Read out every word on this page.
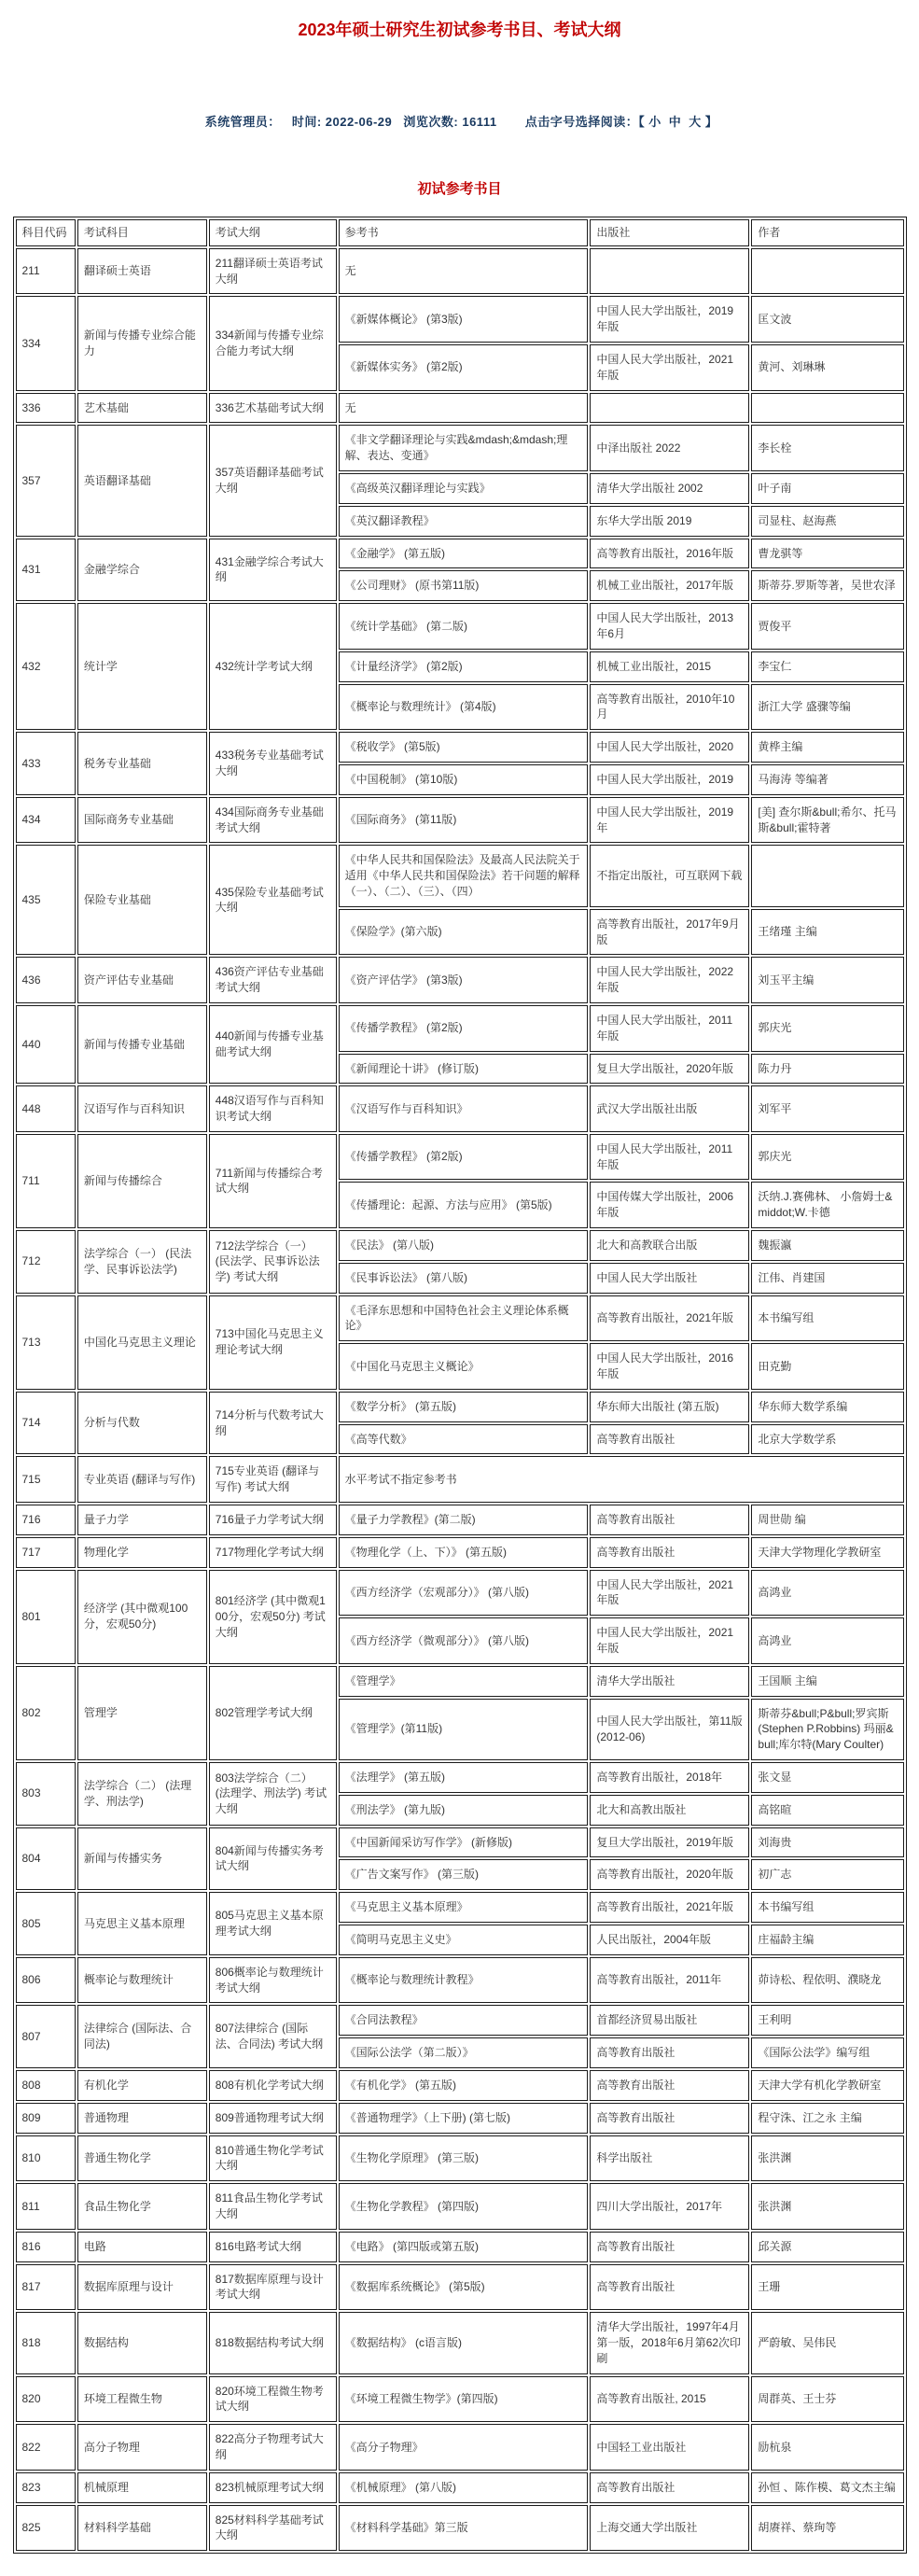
2023年硕士研究生初试参考书目、考试大纲
系统管理员： 时间: 2022-06-29 浏览次数: 16111 点击字号选择阅读：【 小 中 大 】
初试参考书目
科目代码	考试科目	考试大纲	参考书	出版社	作者
211	翻译硕士英语	211翻译硕士英语考试大纲	无		
334	新闻与传播专业综合能力	334新闻与传播专业综合能力考试大纲	《新媒体概论》 (第3版)	中国人民大学出版社，2019年版	匡文波
			《新媒体实务》 (第2版)	中国人民大学出版社，2021年版	黄河、刘琳琳
336	艺术基础	336艺术基础考试大纲	无		
357	英语翻译基础	357英语翻译基础考试大纲	《非文学翻译理论与实践&mdash;&mdash;理解、表达、变通》	中泽出版社 2022	李长栓
			《高级英汉翻译理论与实践》	清华大学出版社 2002	叶子南
			《英汉翻译教程》	东华大学出版 2019	司显柱、赵海燕
431	金融学综合	431金融学综合考试大纲	《金融学》 (第五版)	高等教育出版社，2016年版	曹龙骐等
			《公司理财》 (原书第11版)	机械工业出版社，2017年版	斯蒂芬.罗斯等著，吴世农泽
432	统计学	432统计学考试大纲	《统计学基础》 (第二版)	中国人民大学出版社，2013年6月	贾俊平
			《计量经济学》 (第2版)	机械工业出版社，2015	李宝仁
			《概率论与数理统计》 (第4版)	高等教育出版社，2010年10月	浙江大学 盛骤等编
433	税务专业基础	433税务专业基础考试大纲	《税收学》 (第5版)	中国人民大学出版社，2020	黄桦主编
			《中国税制》 (第10版)	中国人民大学出版社，2019	马海涛 等编著
434	国际商务专业基础	434国际商务专业基础考试大纲	《国际商务》 (第11版)	中国人民大学出版社，2019年	[美] 查尔斯&bull;希尔、托马斯&bull;霍特著
435	保险专业基础	435保险专业基础考试大纲	《中华人民共和国保险法》及最高人民法院关于适用《中华人民共和国保险法》若干问题的解释（一）、（二）、（三）、（四）	不指定出版社，可互联网下载	
			《保险学》(第六版)	高等教育出版社，2017年9月版	王绪瑾 主编
436	资产评估专业基础	436资产评估专业基础考试大纲	《资产评估学》 (第3版)	中国人民大学出版社，2022年版	刘玉平主编
440	新闻与传播专业基础	440新闻与传播专业基础考试大纲	《传播学教程》 (第2版)	中国人民大学出版社，2011年版	郭庆光
			《新闻理论十讲》 (修订版)	复旦大学出版社，2020年版	陈力丹
448	汉语写作与百科知识	448汉语写作与百科知识考试大纲	《汉语写作与百科知识》	武汉大学出版社出版	刘军平
711	新闻与传播综合	711新闻与传播综合考试大纲	《传播学教程》 (第2版)	中国人民大学出版社，2011年版	郭庆光
			《传播理论：起源、方法与应用》 (第5版)	中国传媒大学出版社，2006年版	沃纳.J.赛佛林、 小詹姆士&middot;W.卡德
712	法学综合（一） (民法学、民事诉讼法学)	712法学综合（一） (民法学、民事诉讼法学) 考试大纲	《民法》 (第八版)	北大和高教联合出版	魏振瀛
			《民事诉讼法》 (第八版)	中国人民大学出版社	江伟、肖建国
713	中国化马克思主义理论	713中国化马克思主义理论考试大纲	《毛泽东思想和中国特色社会主义理论体系概论》	高等教育出版社，2021年版	本书编写组
			《中国化马克思主义概论》	中国人民大学出版社，2016年版	田克勤
714	分析与代数	714分析与代数考试大纲	《数学分析》 (第五版)	华东师大出版社 (第五版)	华东师大数学系编
			《高等代数》	高等教育出版社	北京大学数学系
715	专业英语 (翻译与写作)	715专业英语 (翻译与写作) 考试大纲	水平考试不指定参考书		
716	量子力学	716量子力学考试大纲	《量子力学教程》(第二版)	高等教育出版社	周世勋 编
717	物理化学	717物理化学考试大纲	《物理化学（上、下）》 (第五版)	高等教育出版社	天津大学物理化学教研室
801	经济学 (其中微观100分，宏观50分)	801经济学 (其中微观100分，宏观50分) 考试大纲	《西方经济学（宏观部分）》 (第八版)	中国人民大学出版社，2021年版	高鸿业
			《西方经济学（微观部分）》 (第八版)	中国人民大学出版社，2021年版	高鸿业
802	管理学	802管理学考试大纲	《管理学》	清华大学出版社	王国顺 主编
			《管理学》(第11版)	中国人民大学出版社，第11版(2012-06)	斯蒂芬&bull;P&bull;罗宾斯(Stephen P.Robbins) 玛丽&bull;库尔特(Mary Coulter)
803	法学综合（二） (法理学、刑法学)	803法学综合（二） (法理学、刑法学) 考试大纲	《法理学》 (第五版)	高等教育出版社，2018年	张文显
			《刑法学》 (第九版)	北大和高教出版社	高铭暄
804	新闻与传播实务	804新闻与传播实务考试大纲	《中国新闻采访写作学》 (新修版)	复旦大学出版社，2019年版	刘海贵
			《广告文案写作》 (第三版)	高等教育出版社，2020年版	初广志
805	马克思主义基本原理	805马克思主义基本原理考试大纲	《马克思主义基本原理》	高等教育出版社，2021年版	本书编写组
			《简明马克思主义史》	人民出版社，2004年版	庄福龄主编
806	概率论与数理统计	806概率论与数理统计考试大纲	《概率论与数理统计教程》	高等教育出版社，2011年	茆诗松、程依明、濮晓龙
807	法律综合 (国际法、合同法)	807法律综合 (国际法、合同法) 考试大纲	《合同法教程》	首都经济贸易出版社	王利明
			《国际公法学（第二版）》	高等教育出版社	《国际公法学》编写组
808	有机化学	808有机化学考试大纲	《有机化学》 (第五版)	高等教育出版社	天津大学有机化学教研室
809	普通物理	809普通物理考试大纲	《普通物理学》（上下册) (第七版)	高等教育出版社	程守洙、江之永 主编
810	普通生物化学	810普通生物化学考试大纲	《生物化学原理》 (第三版)	科学出版社	张洪渊
811	食品生物化学	811食品生物化学考试大纲	《生物化学教程》 (第四版)	四川大学出版社，2017年	张洪渊
816	电路	816电路考试大纲	《电路》 (第四版或第五版)	高等教育出版社	邱关源
817	数据库原理与设计	817数据库原理与设计考试大纲	《数据库系统概论》 (第5版)	高等教育出版社	王珊
818	数据结构	818数据结构考试大纲	《数据结构》 (c语言版)	清华大学出版社，1997年4月第一版，2018年6月第62次印刷	严蔚敏、吴伟民
820	环境工程微生物	820环境工程微生物考试大纲	《环境工程微生物学》(第四版)	高等教育出版社, 2015	周群英、王士芬
822	高分子物理	822高分子物理考试大纲	《高分子物理》	中国轻工业出版社	励杭泉
823	机械原理	823机械原理考试大纲	《机械原理》 (第八版)	高等教育出版社	孙恒 、陈作模、葛文杰主编
825	材料科学基础	825材料科学基础考试大纲	《材料科学基础》第三版	上海交通大学出版社	胡赓祥、蔡珣等
